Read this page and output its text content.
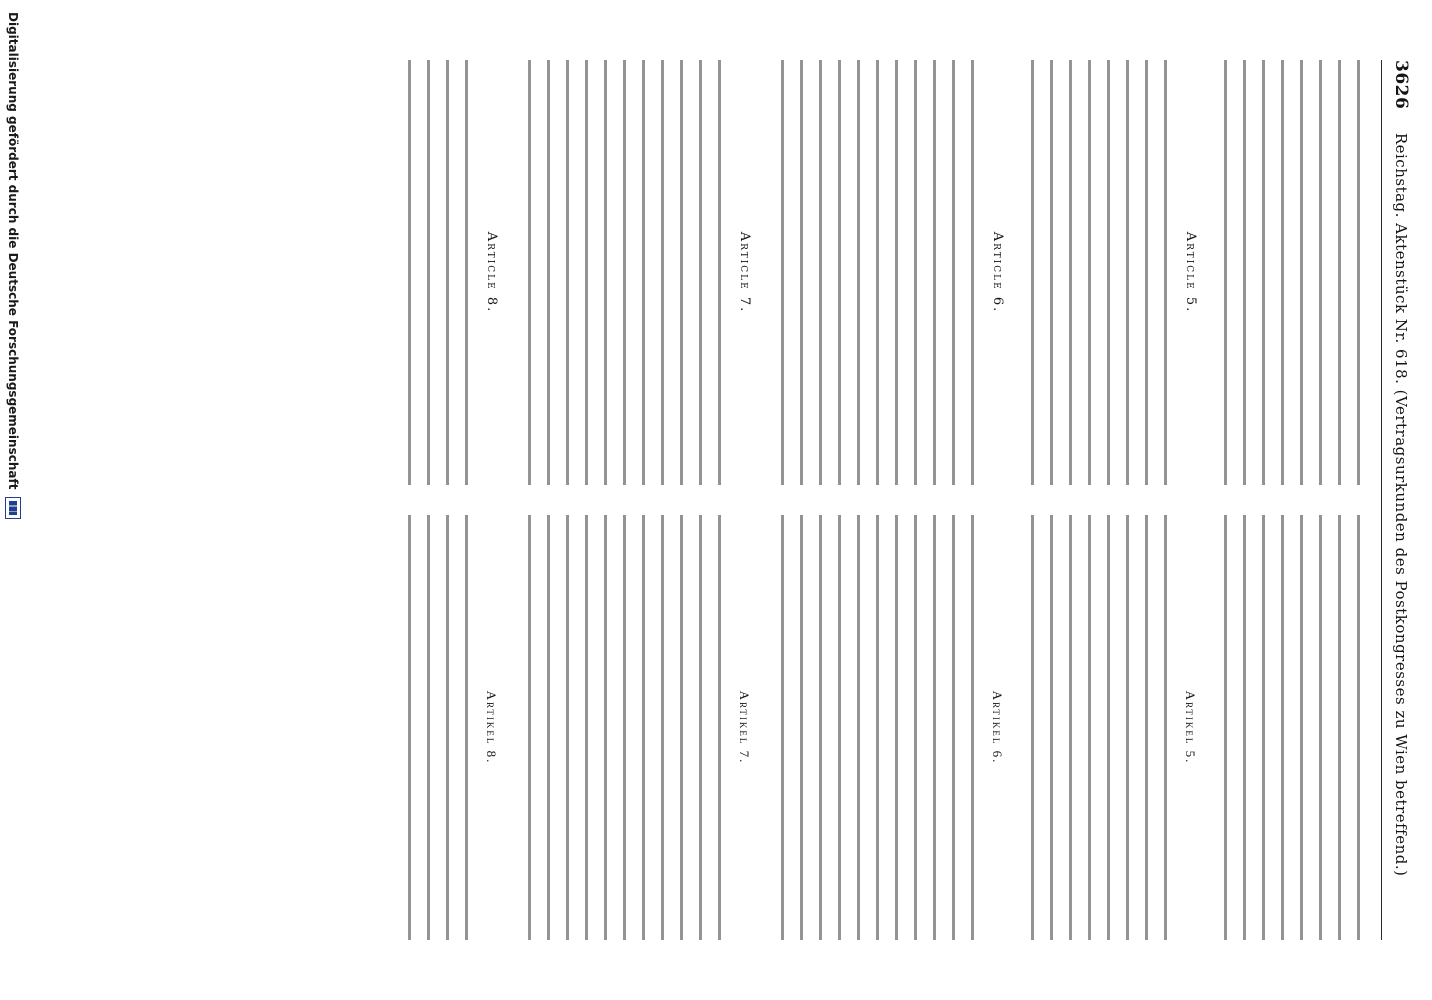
3626
Reichstag. Aktenstück Nr. 618. (Vertragsurkunden des Postkongresses zu Wien betreffend.)
Article 5.
Article 6.
Article 7.
Article 8.
Artikel 5.
Artikel 6.
Artikel 7.
Artikel 8.
Digitalisierung gefördert durch die Deutsche Forschungsgemeinschaft
